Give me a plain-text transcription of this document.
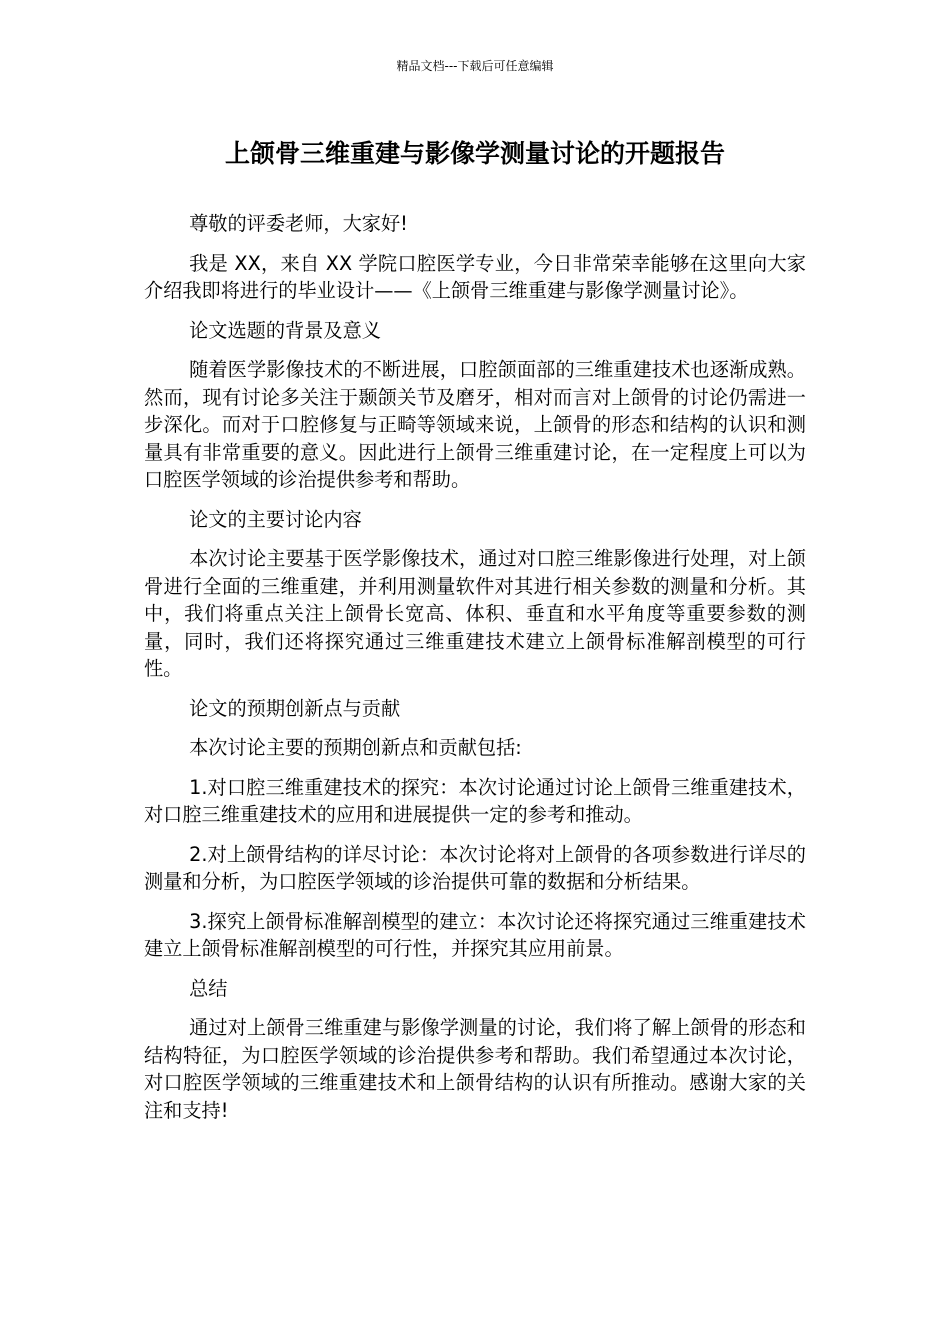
精品文档---下载后可任意编辑
上颌骨三维重建与影像学测量讨论的开题报告

尊敬的评委老师，大家好!

我是 XX，来自 XX 学院口腔医学专业，今日非常荣幸能够在这里向大家介绍我即将进行的毕业设计——《上颌骨三维重建与影像学测量讨论》。

论文选题的背景及意义

随着医学影像技术的不断进展，口腔颌面部的三维重建技术也逐渐成熟。然而，现有讨论多关注于颞颌关节及磨牙，相对而言对上颌骨的讨论仍需进一步深化。而对于口腔修复与正畸等领域来说，上颌骨的形态和结构的认识和测量具有非常重要的意义。因此进行上颌骨三维重建讨论，在一定程度上可以为口腔医学领域的诊治提供参考和帮助。

论文的主要讨论内容

本次讨论主要基于医学影像技术，通过对口腔三维影像进行处理，对上颌骨进行全面的三维重建，并利用测量软件对其进行相关参数的测量和分析。其中，我们将重点关注上颌骨长宽高、体积、垂直和水平角度等重要参数的测量，同时，我们还将探究通过三维重建技术建立上颌骨标准解剖模型的可行性。

论文的预期创新点与贡献

本次讨论主要的预期创新点和贡献包括:

1.对口腔三维重建技术的探究：本次讨论通过讨论上颌骨三维重建技术，对口腔三维重建技术的应用和进展提供一定的参考和推动。

2.对上颌骨结构的详尽讨论：本次讨论将对上颌骨的各项参数进行详尽的测量和分析，为口腔医学领域的诊治提供可靠的数据和分析结果。

3.探究上颌骨标准解剖模型的建立：本次讨论还将探究通过三维重建技术建立上颌骨标准解剖模型的可行性，并探究其应用前景。

总结

通过对上颌骨三维重建与影像学测量的讨论，我们将了解上颌骨的形态和结构特征，为口腔医学领域的诊治提供参考和帮助。我们希望通过本次讨论，对口腔医学领域的三维重建技术和上颌骨结构的认识有所推动。感谢大家的关注和支持!
